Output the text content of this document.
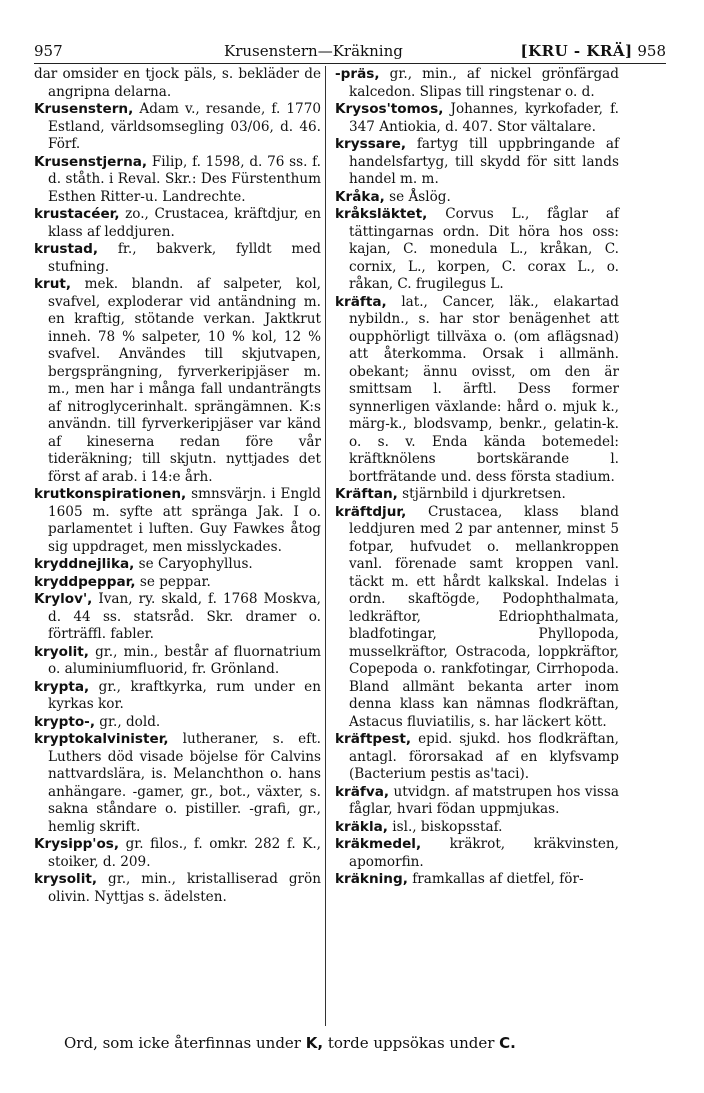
957	Krusenstern—Kräkning	[KRU - KRÄ] 958

dar omsider en tjock päls, s. bekläder de angripna delarna.

Krusenstern, Adam v., resande, f. 1770 Estland, världsomsegling 03/06, d. 46. Förf.

Krusenstjerna, Filip, f. 1598, d. 76 ss. f. d. ståth. i Reval. Skr.: Des Fürstenthum Esthen Ritter-u. Landrechte.

krustacéer, zo., Crustacea, kräftdjur, en klass af leddjuren.

krustad, fr., bakverk, fylldt med stufning.

krut, mek. blandn. af salpeter, kol, svafvel, exploderar vid antändning m. en kraftig, stötande verkan. Jaktkrut inneh. 78 % salpeter, 10 % kol, 12 % svafvel. Användes till skjutvapen, bergsprängning, fyrverkeripjäser m. m., men har i många fall undanträngts af nitroglycerinhalt. sprängämnen. K:s användn. till fyrverkeripjäser var känd af kineserna redan före vår tideräkning; till skjutn. nyttjades det först af arab. i 14:e årh.

krutkonspirationen, smnsvärjn. i Engld 1605 m. syfte att spränga Jak. I o. parlamentet i luften. Guy Fawkes åtog sig uppdraget, men misslyckades.

kryddnejlika, se Caryophyllus.

kryddpeppar, se peppar.

Krylov', Ivan, ry. skald, f. 1768 Moskva, d. 44 ss. statsråd. Skr. dramer o. förträffl. fabler.

kryolit, gr., min., består af fluornatrium o. aluminiumfluorid, fr. Grönland.

krypta, gr., kraftkyrka, rum under en kyrkas kor.

krypto-, gr., dold.

kryptokalvinister, lutheraner, s. eft. Luthers död visade böjelse för Calvins nattvardslära, is. Melanchthon o. hans anhängare. -gamer, gr., bot., växter, s. sakna ståndare o. pistiller. -grafi, gr., hemlig skrift.

Krysipp'os, gr. filos., f. omkr. 282 f. K., stoiker, d. 209.

krysolit, gr., min., kristalliserad grön olivin. Nyttjas s. ädelsten.

-präs, gr., min., af nickel grönfärgad kalcedon. Slipas till ringstenar o. d.

Krysos'tomos, Johannes, kyrkofader, f. 347 Antiokia, d. 407. Stor vältalare.

kryssare, fartyg till uppbringande af handelsfartyg, till skydd för sitt lands handel m. m.

Kråka, se Åslög.

kråksläktet, Corvus L., fåglar af tättingarnas ordn. Dit höra hos oss: kajan, C. monedula L., kråkan, C. cornix, L., korpen, C. corax L., o. råkan, C. frugilegus L.

kräfta, lat., Cancer, läk., elakartad nybildn., s. har stor benägenhet att oupphörligt tillväxa o. (om aflägsnad) att återkomma. Orsak i allmänh. obekant; ännu ovisst, om den är smittsam l. ärftl. Dess former synnerligen växlande: hård o. mjuk k., märg-k., blodsvamp, benkr., gelatin-k. o. s. v. Enda kända botemedel: kräftknölens bortskärande l. bortfrätande und. dess första stadium.

Kräftan, stjärnbild i djurkretsen.

kräftdjur, Crustacea, klass bland leddjuren med 2 par antenner, minst 5 fotpar, hufvudet o. mellankroppen vanl. förenade samt kroppen vanl. täckt m. ett hårdt kalkskal. Indelas i ordn. skaftögde, Podophthalmata, ledkräftor, Edriophthalmata, bladfotingar, Phyllopoda, musselkräftor, Ostracoda, loppkräftor, Copepoda o. rankfotingar, Cirrhopoda. Bland allmänt bekanta arter inom denna klass kan nämnas flodkräftan, Astacus fluviatilis, s. har läckert kött.

kräftpest, epid. sjukd. hos flodkräftan, antagl. förorsakad af en klyfsvamp (Bacterium pestis as'taci).

kräfva, utvidgn. af matstrupen hos vissa fåglar, hvari födan uppmjukas.

kräkla, isl., biskopsstaf.

kräkmedel, kräkrot, kräkvinsten, apomorfin.

kräkning, framkallas af dietfel, för-

Ord, som icke återfinnas under K, torde uppsökas under C.
